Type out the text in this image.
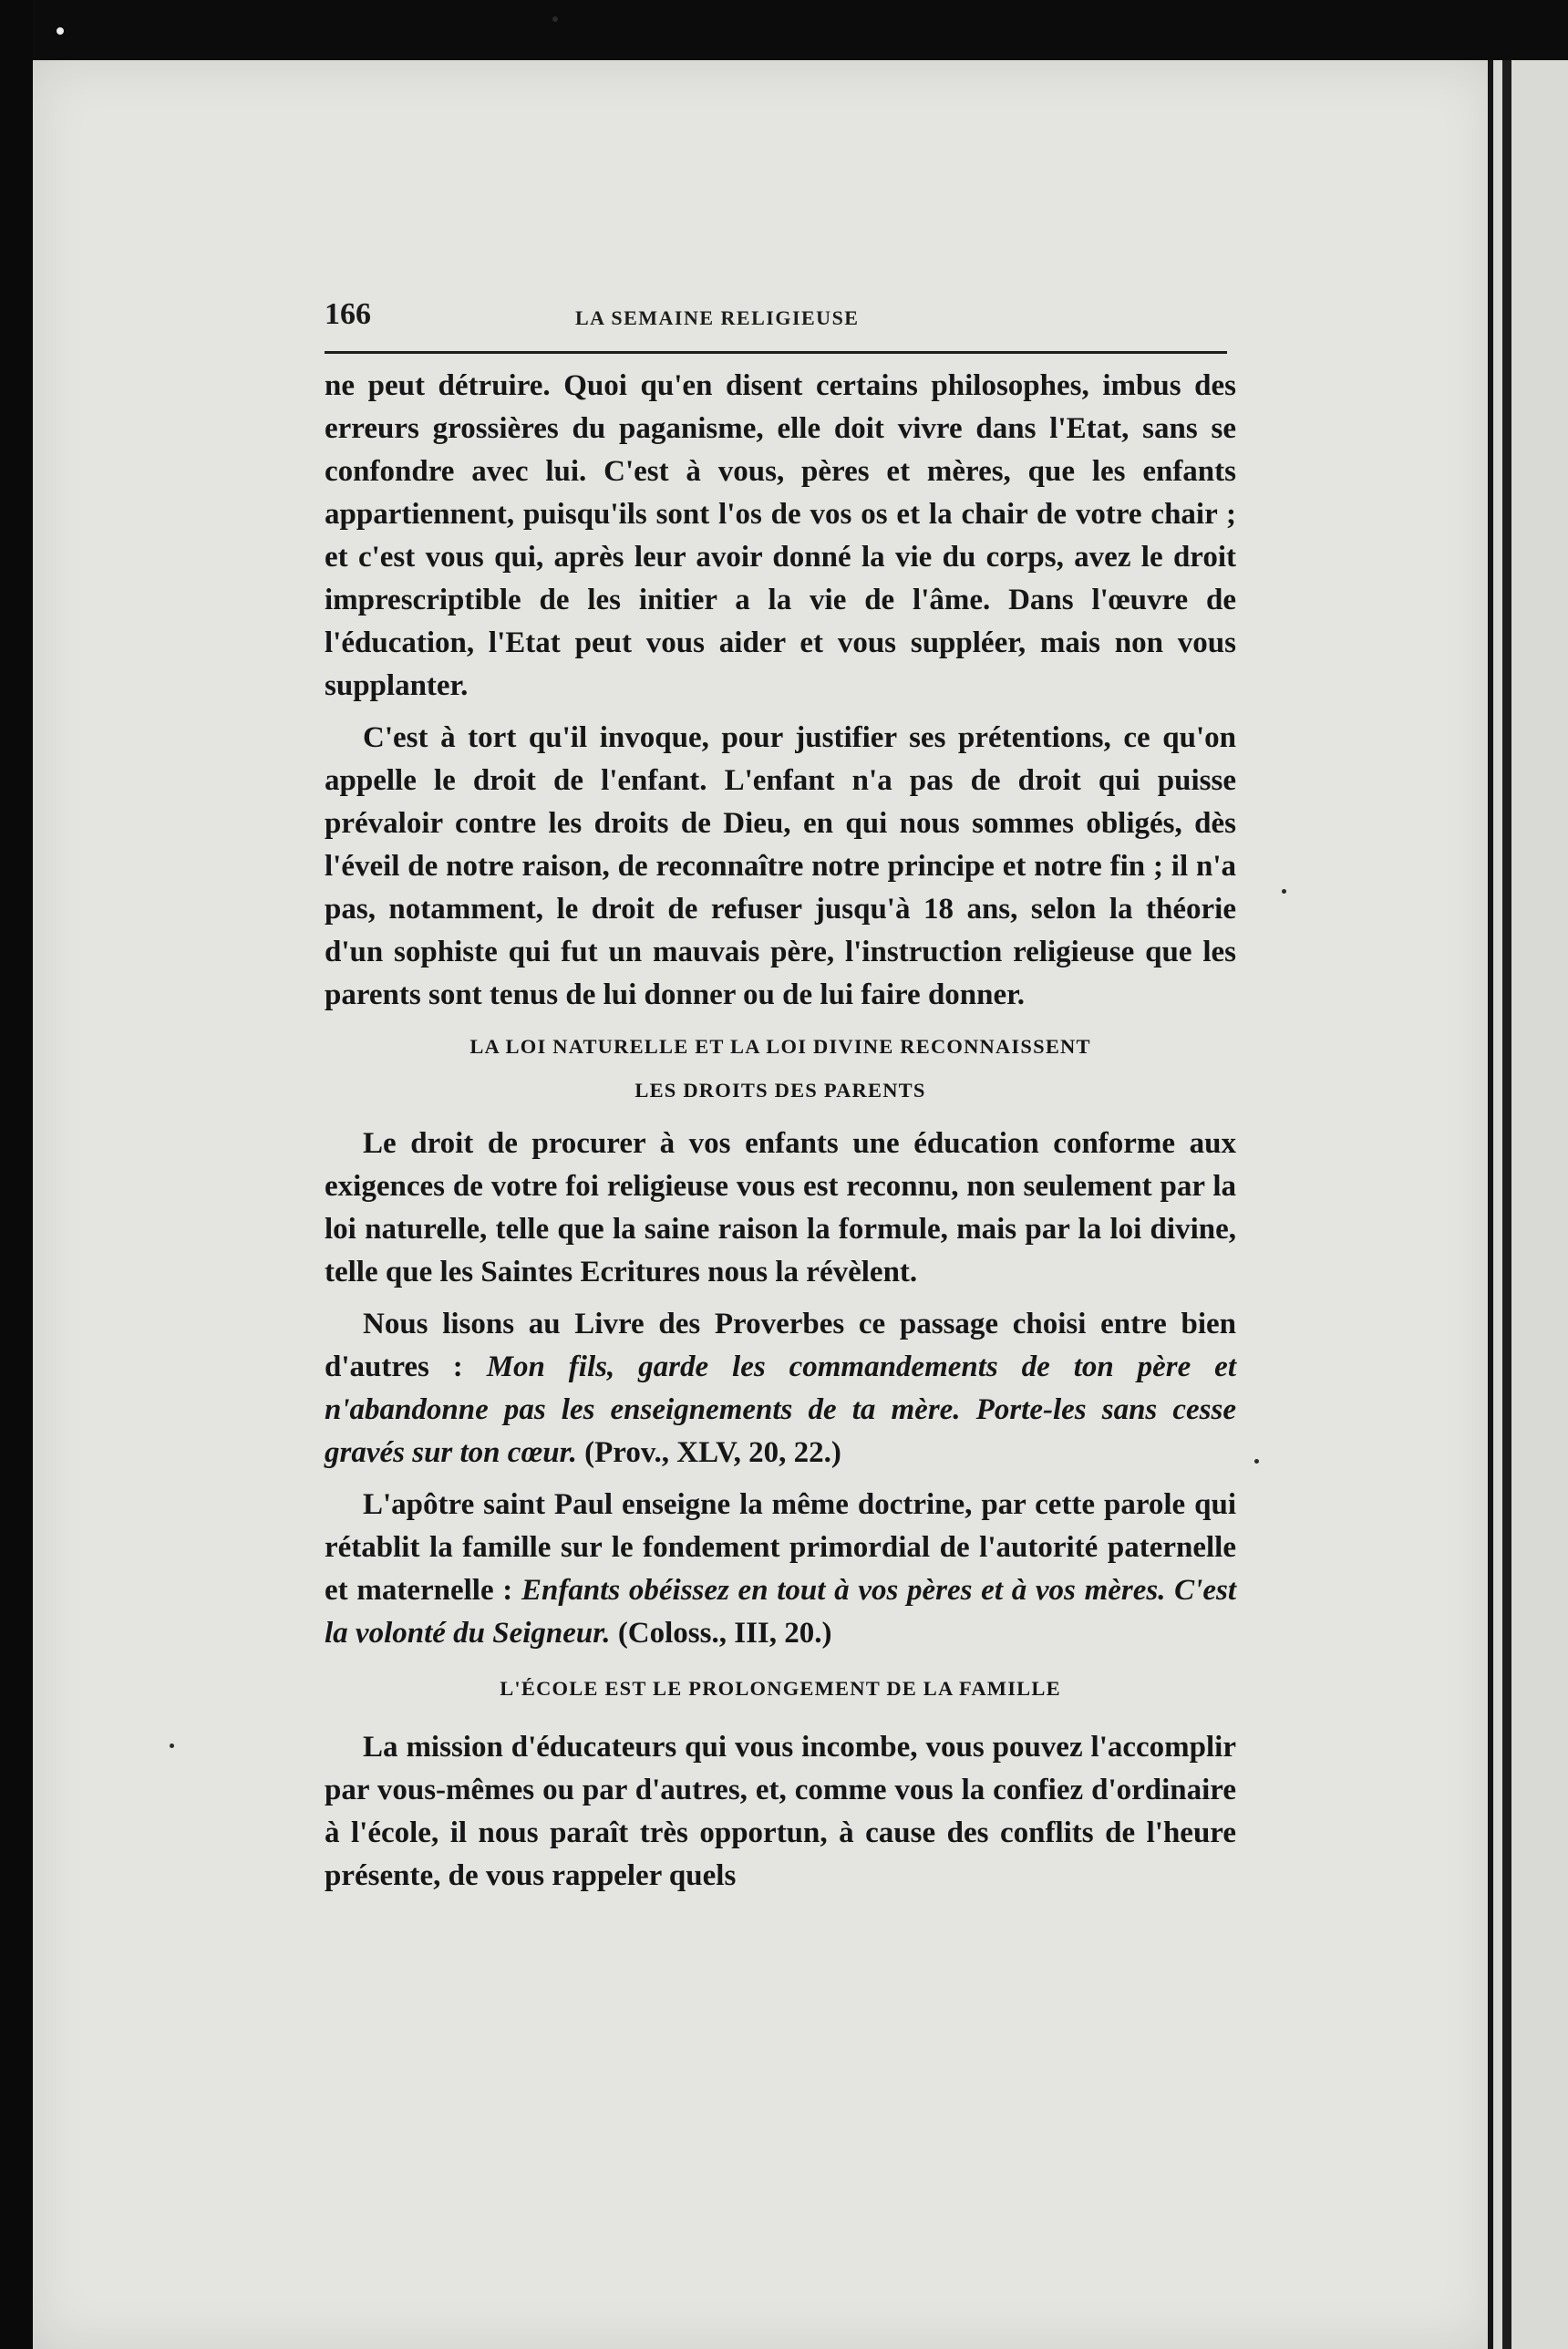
166	LA SEMAINE RELIGIEUSE

ne peut détruire. Quoi qu'en disent certains philosophes, imbus des erreurs grossières du paganisme, elle doit vivre dans l'Etat, sans se confondre avec lui. C'est à vous, pères et mères, que les enfants appartiennent, puisqu'ils sont l'os de vos os et la chair de votre chair ; et c'est vous qui, après leur avoir donné la vie du corps, avez le droit imprescriptible de les initier a la vie de l'âme. Dans l'œuvre de l'éducation, l'Etat peut vous aider et vous suppléer, mais non vous supplanter.

C'est à tort qu'il invoque, pour justifier ses prétentions, ce qu'on appelle le droit de l'enfant. L'enfant n'a pas de droit qui puisse prévaloir contre les droits de Dieu, en qui nous sommes obligés, dès l'éveil de notre raison, de reconnaître notre principe et notre fin ; il n'a pas, notamment, le droit de refuser jusqu'à 18 ans, selon la théorie d'un sophiste qui fut un mauvais père, l'instruction religieuse que les parents sont tenus de lui donner ou de lui faire donner.

LA LOI NATURELLE ET LA LOI DIVINE RECONNAISSENT

LES DROITS DES PARENTS

Le droit de procurer à vos enfants une éducation conforme aux exigences de votre foi religieuse vous est reconnu, non seulement par la loi naturelle, telle que la saine raison la formule, mais par la loi divine, telle que les Saintes Ecritures nous la révèlent.

Nous lisons au Livre des Proverbes ce passage choisi entre bien d'autres : Mon fils, garde les commandements de ton père et n'abandonne pas les enseignements de ta mère. Porte-les sans cesse gravés sur ton cœur. (Prov., XLV, 20, 22.)

L'apôtre saint Paul enseigne la même doctrine, par cette parole qui rétablit la famille sur le fondement primordial de l'autorité paternelle et maternelle : Enfants obéissez en tout à vos pères et à vos mères. C'est la volonté du Seigneur. (Coloss., III, 20.)

L'ÉCOLE EST LE PROLONGEMENT DE LA FAMILLE

La mission d'éducateurs qui vous incombe, vous pouvez l'accomplir par vous-mêmes ou par d'autres, et, comme vous la confiez d'ordinaire à l'école, il nous paraît très opportun, à cause des conflits de l'heure présente, de vous rappeler quels
